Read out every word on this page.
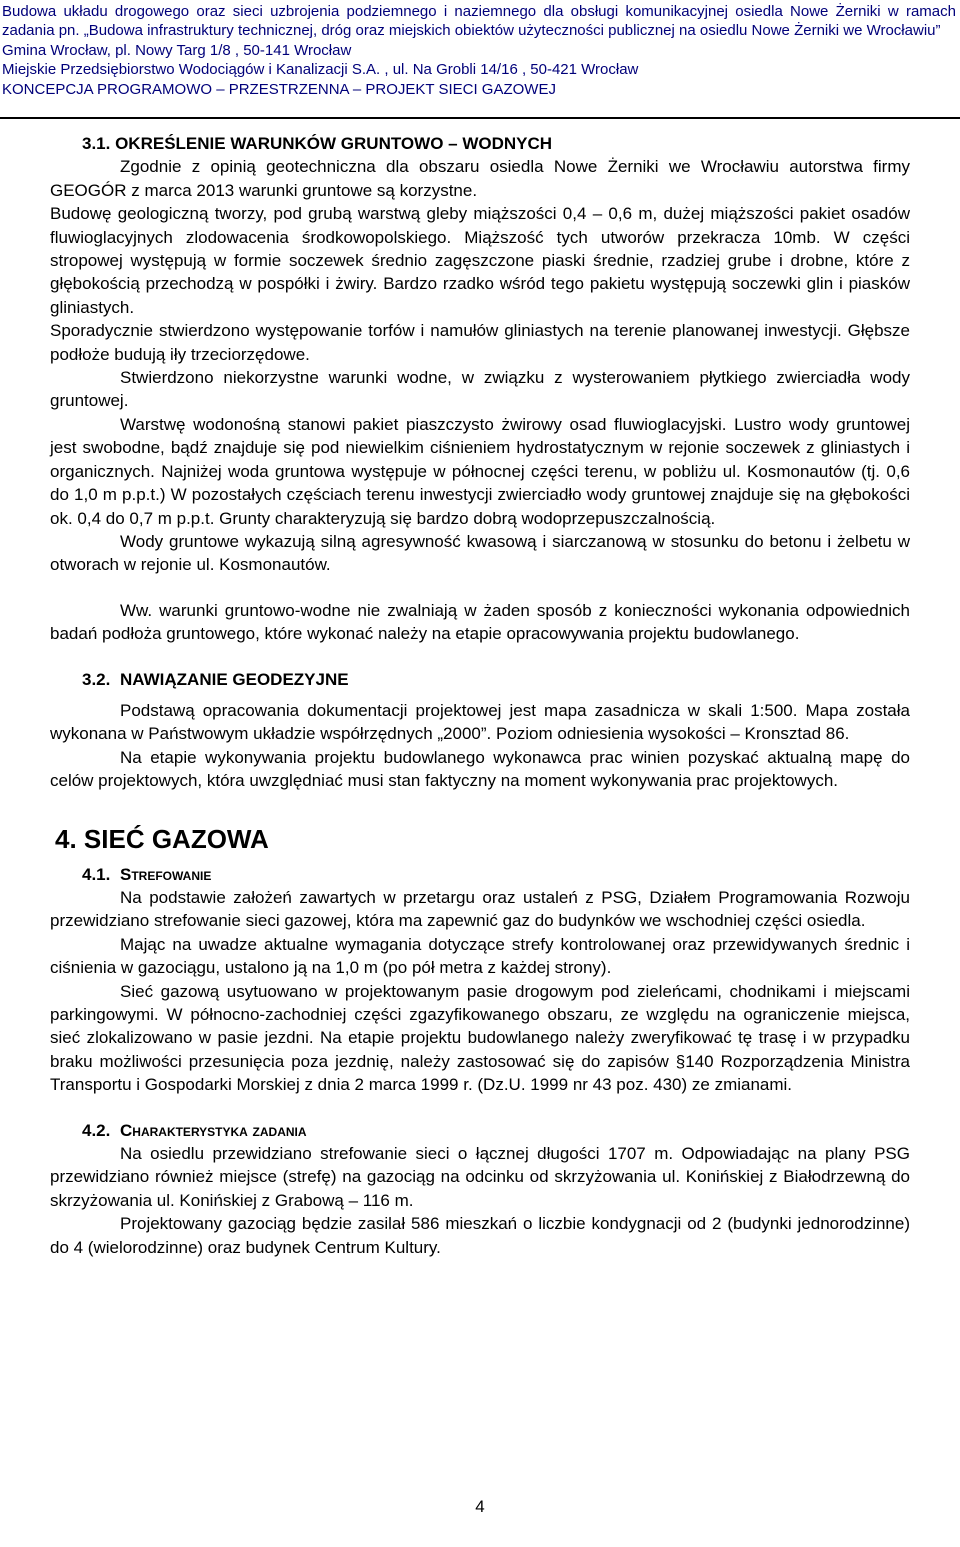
Budowa układu drogowego oraz sieci uzbrojenia podziemnego i naziemnego dla obsługi komunikacyjnej osiedla Nowe Żerniki w ramach zadania pn. „Budowa infrastruktury technicznej, dróg oraz miejskich obiektów użyteczności publicznej na osiedlu Nowe Żerniki we Wrocławiu”

Gmina Wrocław, pl. Nowy Targ 1/8 , 50-141 Wrocław

Miejskie Przedsiębiorstwo Wodociągów i Kanalizacji S.A. , ul. Na Grobli 14/16 , 50-421 Wrocław

KONCEPCJA PROGRAMOWO – PRZESTRZENNA – PROJEKT SIECI GAZOWEJ

3.1. OKREŚLENIE WARUNKÓW GRUNTOWO – WODNYCH

Zgodnie z opinią geotechniczna dla obszaru osiedla Nowe Żerniki we Wrocławiu autorstwa firmy GEOGÓR z marca 2013 warunki gruntowe są korzystne.

Budowę geologiczną tworzy, pod grubą warstwą gleby miąższości 0,4 – 0,6 m, dużej miąższości pakiet osadów fluwioglacyjnych zlodowacenia środkowopolskiego. Miąższość tych utworów przekracza 10mb. W części stropowej występują w formie soczewek średnio zagęszczone piaski średnie, rzadziej grube i drobne, które z głębokością przechodzą w pospółki i żwiry. Bardzo rzadko wśród tego pakietu występują soczewki glin i piasków gliniastych.

Sporadycznie stwierdzono występowanie torfów i namułów gliniastych na terenie planowanej inwestycji. Głębsze podłoże budują iły trzeciorzędowe.

Stwierdzono niekorzystne warunki wodne, w związku z wysterowaniem płytkiego zwierciadła wody gruntowej.

Warstwę wodonośną stanowi pakiet piaszczysto żwirowy osad fluwioglacyjski. Lustro wody gruntowej jest swobodne, bądź znajduje się pod niewielkim ciśnieniem hydrostatycznym w rejonie soczewek z gliniastych i organicznych. Najniżej woda gruntowa występuje w północnej części terenu, w pobliżu ul. Kosmonautów (tj. 0,6 do 1,0 m p.p.t.) W pozostałych częściach terenu inwestycji zwierciadło wody gruntowej znajduje się na głębokości ok. 0,4 do 0,7 m p.p.t. Grunty charakteryzują się bardzo dobrą wodoprzepuszczalnością.

Wody gruntowe wykazują silną agresywność kwasową i siarczanową w stosunku do betonu i żelbetu w otworach w rejonie ul. Kosmonautów.

Ww. warunki gruntowo-wodne nie zwalniają w żaden sposób z konieczności wykonania odpowiednich badań podłoża gruntowego, które wykonać należy na etapie opracowywania projektu budowlanego.

3.2. NAWIĄZANIE GEODEZYJNE

Podstawą opracowania dokumentacji projektowej jest mapa zasadnicza w skali 1:500. Mapa została wykonana w Państwowym układzie współrzędnych „2000”. Poziom odniesienia wysokości – Kronsztad 86.

Na etapie wykonywania projektu budowlanego wykonawca prac winien pozyskać aktualną mapę do celów projektowych, która uwzględniać musi stan faktyczny na moment wykonywania prac projektowych.

4. SIEĆ GAZOWA

4.1. Strefowanie

Na podstawie założeń zawartych w przetargu oraz ustaleń z PSG, Działem Programowania Rozwoju przewidziano strefowanie sieci gazowej, która ma zapewnić gaz do budynków we wschodniej części osiedla.

Mając na uwadze aktualne wymagania dotyczące strefy kontrolowanej oraz przewidywanych średnic i ciśnienia w gazociągu, ustalono ją na 1,0 m (po pół metra z każdej strony).

Sieć gazową usytuowano w projektowanym pasie drogowym pod zieleńcami, chodnikami i miejscami parkingowymi. W północno-zachodniej części zgazyfikowanego obszaru, ze względu na ograniczenie miejsca, sieć zlokalizowano w pasie jezdni. Na etapie projektu budowlanego należy zweryfikować tę trasę i w przypadku braku możliwości przesunięcia poza jezdnię, należy zastosować się do zapisów §140 Rozporządzenia Ministra Transportu i Gospodarki Morskiej z dnia 2 marca 1999 r. (Dz.U. 1999 nr 43 poz. 430) ze zmianami.

4.2. Charakterystyka zadania

Na osiedlu przewidziano strefowanie sieci o łącznej długości 1707 m. Odpowiadając na plany PSG przewidziano również miejsce (strefę) na gazociąg na odcinku od skrzyżowania ul. Konińskiej z Białodrzewną do skrzyżowania ul. Konińskiej z Grabową – 116 m.

Projektowany gazociąg będzie zasilał 586 mieszkań o liczbie kondygnacji od 2 (budynki jednorodzinne) do 4 (wielorodzinne) oraz budynek Centrum Kultury.

4
